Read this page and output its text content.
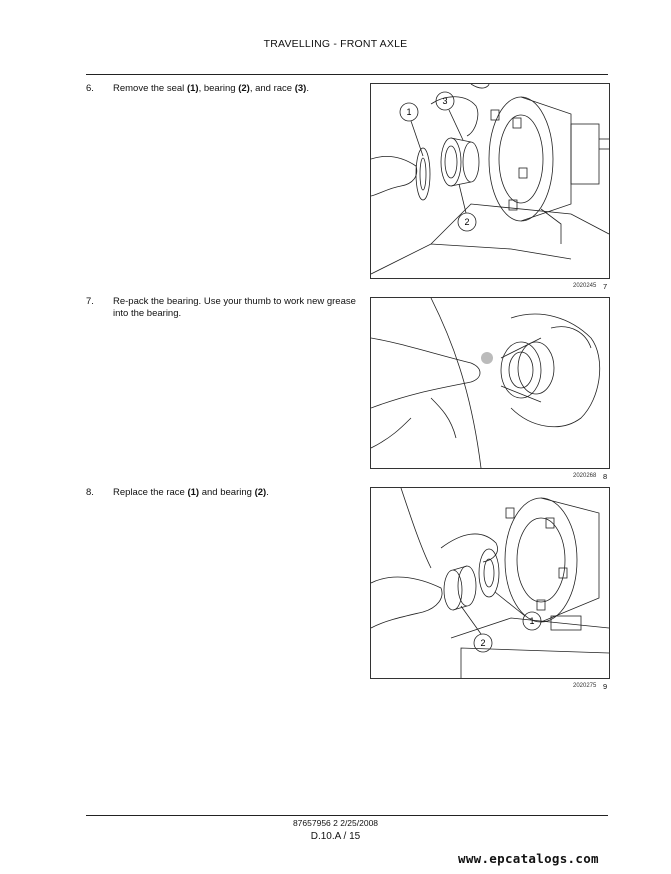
TRAVELLING - FRONT AXLE
6. Remove the seal (1), bearing (2), and race (3).
1
3
2
2020245 7
7. Re-pack the bearing. Use your thumb to work new grease into the bearing.
2020268 8
8. Replace the race (1) and bearing (2).
2
1
2020275 9
87657956 2 2/25/2008
D.10.A / 15
www.epcatalogs.com
